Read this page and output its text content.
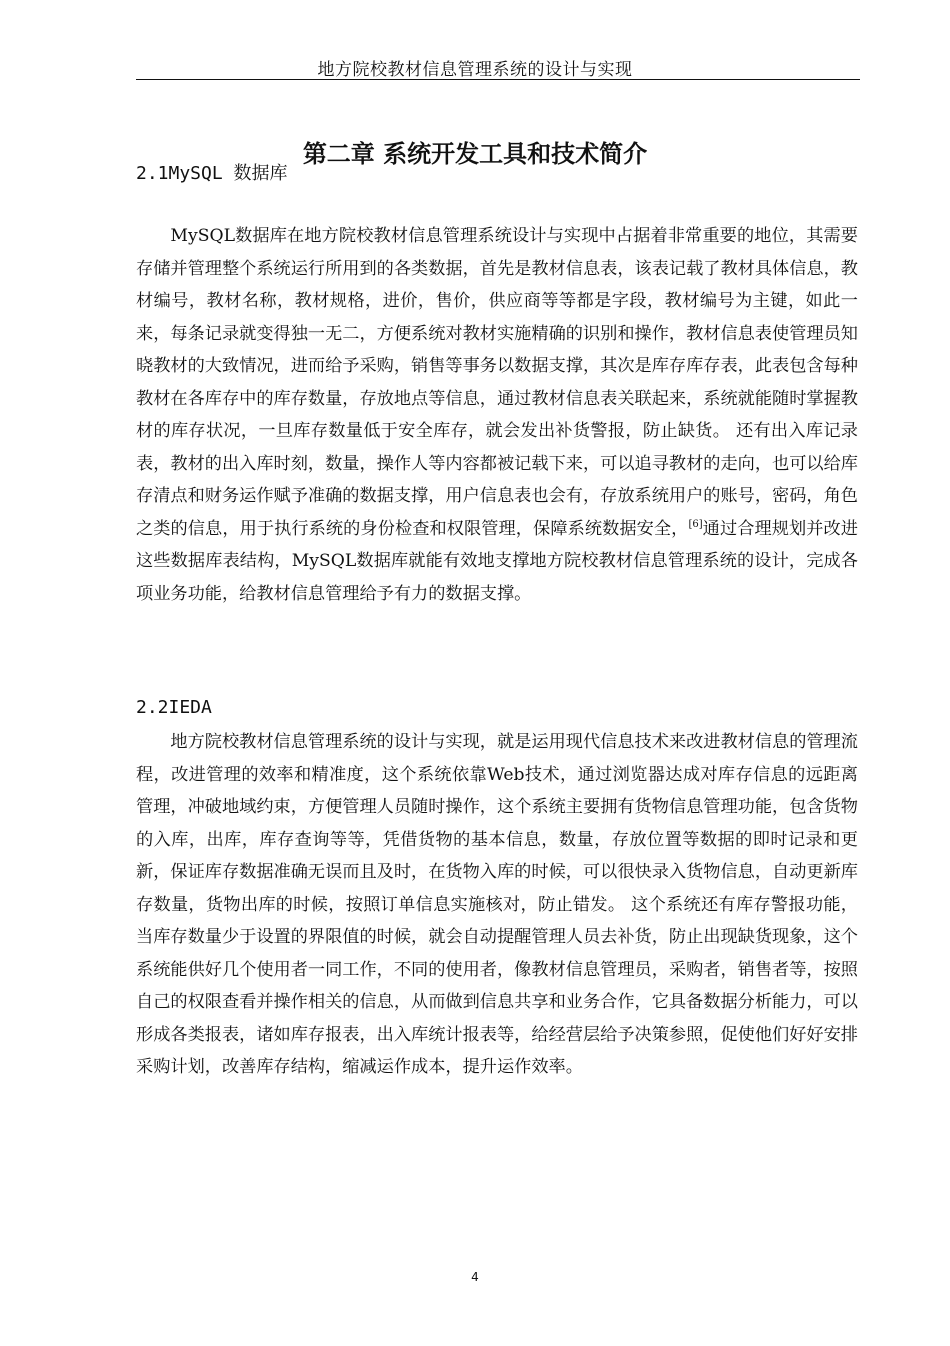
地方院校教材信息管理系统的设计与实现
第二章 系统开发工具和技术简介
2.1MySQL 数据库

MySQL数据库在地方院校教材信息管理系统设计与实现中占据着非常重要的地位，其需要存储并管理整个系统运行所用到的各类数据，首先是教材信息表，该表记载了教材具体信息，教材编号，教材名称，教材规格，进价，售价，供应商等等都是字段，教材编号为主键，如此一来，每条记录就变得独一无二，方便系统对教材实施精确的识别和操作，教材信息表使管理员知晓教材的大致情况，进而给予采购，销售等事务以数据支撑，其次是库存库存表，此表包含每种教材在各库存中的库存数量，存放地点等信息，通过教材信息表关联起来，系统就能随时掌握教材的库存状况，一旦库存数量低于安全库存，就会发出补货警报，防止缺货。 还有出入库记录表，教材的出入库时刻，数量，操作人等内容都被记载下来，可以追寻教材的走向，也可以给库存清点和财务运作赋予准确的数据支撑，用户信息表也会有，存放系统用户的账号，密码，角色之类的信息，用于执行系统的身份检查和权限管理，保障系统数据安全，[6]通过合理规划并改进这些数据库表结构，MySQL数据库就能有效地支撑地方院校教材信息管理系统的设计，完成各项业务功能，给教材信息管理给予有力的数据支撑。

2.2IEDA

地方院校教材信息管理系统的设计与实现，就是运用现代信息技术来改进教材信息的管理流程，改进管理的效率和精准度，这个系统依靠Web技术，通过浏览器达成对库存信息的远距离管理，冲破地域约束，方便管理人员随时操作，这个系统主要拥有货物信息管理功能，包含货物的入库，出库，库存查询等等，凭借货物的基本信息，数量，存放位置等数据的即时记录和更新，保证库存数据准确无误而且及时，在货物入库的时候，可以很快录入货物信息，自动更新库存数量，货物出库的时候，按照订单信息实施核对，防止错发。 这个系统还有库存警报功能，当库存数量少于设置的界限值的时候，就会自动提醒管理人员去补货，防止出现缺货现象，这个系统能供好几个使用者一同工作，不同的使用者，像教材信息管理员，采购者，销售者等，按照自己的权限查看并操作相关的信息，从而做到信息共享和业务合作，它具备数据分析能力，可以形成各类报表，诸如库存报表，出入库统计报表等，给经营层给予决策参照，促使他们好好安排采购计划，改善库存结构，缩减运作成本，提升运作效率。

4
